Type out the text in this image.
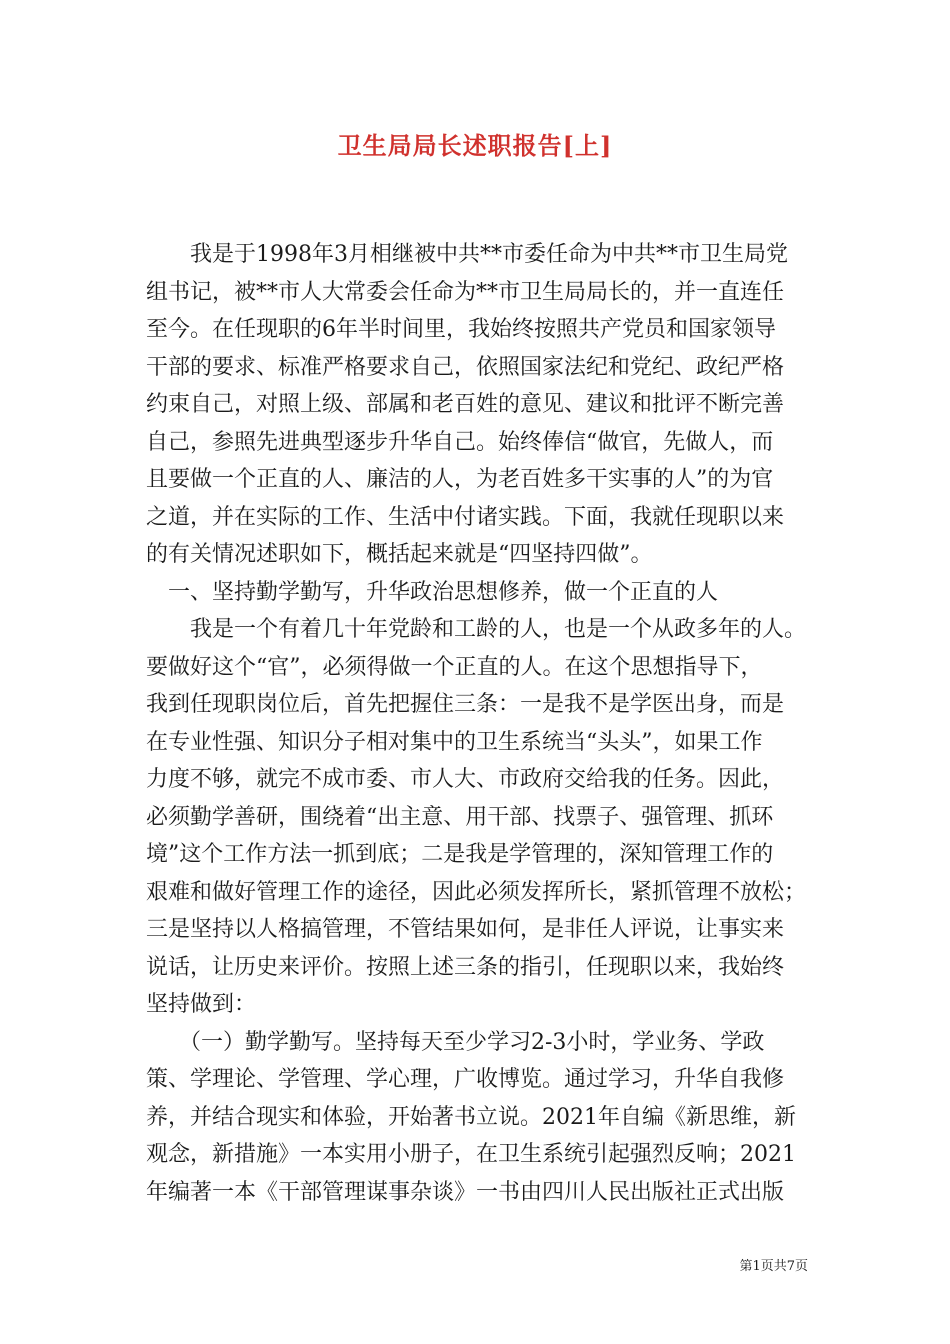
卫生局局长述职报告[上]
　　我是于1998年3月相继被中共**市委任命为中共**市卫生局党
组书记，被**市人大常委会任命为**市卫生局局长的，并一直连任
至今。在任现职的6年半时间里，我始终按照共产党员和国家领导
干部的要求、标准严格要求自己，依照国家法纪和党纪、政纪严格
约束自己，对照上级、部属和老百姓的意见、建议和批评不断完善
自己，参照先进典型逐步升华自己。始终俸信“做官，先做人，而
且要做一个正直的人、廉洁的人，为老百姓多干实事的人”的为官
之道，并在实际的工作、生活中付诸实践。下面，我就任现职以来
的有关情况述职如下，概括起来就是“四坚持四做”。
　一、坚持勤学勤写，升华政治思想修养，做一个正直的人
　　我是一个有着几十年党龄和工龄的人，也是一个从政多年的人。
要做好这个“官”，必须得做一个正直的人。在这个思想指导下，
我到任现职岗位后，首先把握住三条：一是我不是学医出身，而是
在专业性强、知识分子相对集中的卫生系统当“头头”，如果工作
力度不够，就完不成市委、市人大、市政府交给我的任务。因此，
必须勤学善研，围绕着“出主意、用干部、找票子、强管理、抓环
境”这个工作方法一抓到底；二是我是学管理的，深知管理工作的
艰难和做好管理工作的途径，因此必须发挥所长，紧抓管理不放松；
三是坚持以人格搞管理，不管结果如何，是非任人评说，让事实来
说话，让历史来评价。按照上述三条的指引，任现职以来，我始终
坚持做到：
　　（一）勤学勤写。坚持每天至少学习2-3小时，学业务、学政
策、学理论、学管理、学心理，广收博览。通过学习，升华自我修
养，并结合现实和体验，开始著书立说。2021年自编《新思维，新
观念，新措施》一本实用小册子，在卫生系统引起强烈反响；2021
年编著一本《干部管理谋事杂谈》一书由四川人民出版社正式出版
第1页共7页
